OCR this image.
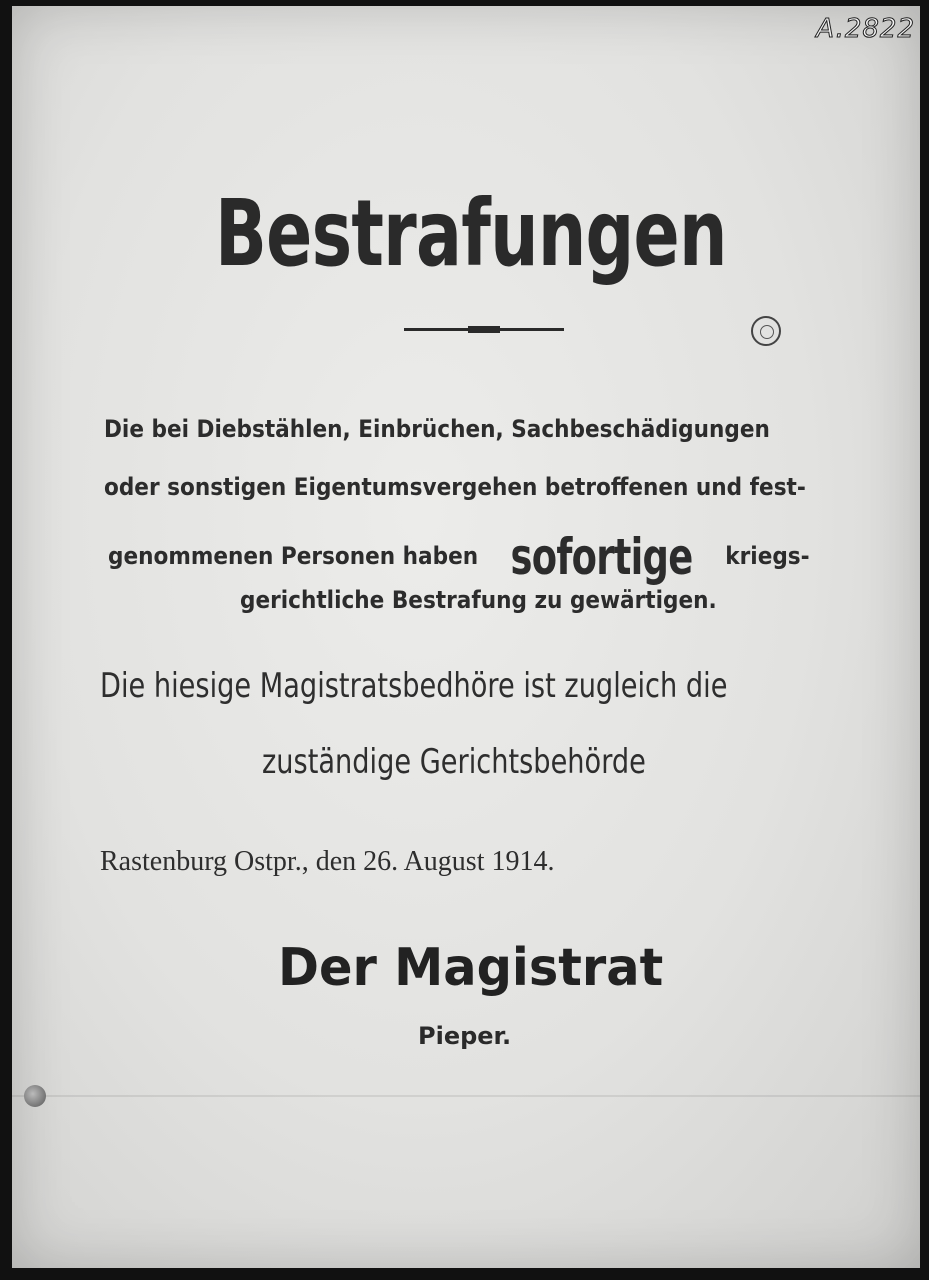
A.2822
Bestrafungen
Die bei Diebstählen, Einbrüchen, Sachbeschädigungen
oder sonstigen Eigentumsvergehen betroffenen und fest-
genommenen Personen haben sofortige kriegs-
gerichtliche Bestrafung zu gewärtigen.
Die hiesige Magistratsbedhöre ist zugleich die
zuständige Gerichtsbehörde
Rastenburg Ostpr., den 26. August 1914.
Der Magistrat
Pieper.
